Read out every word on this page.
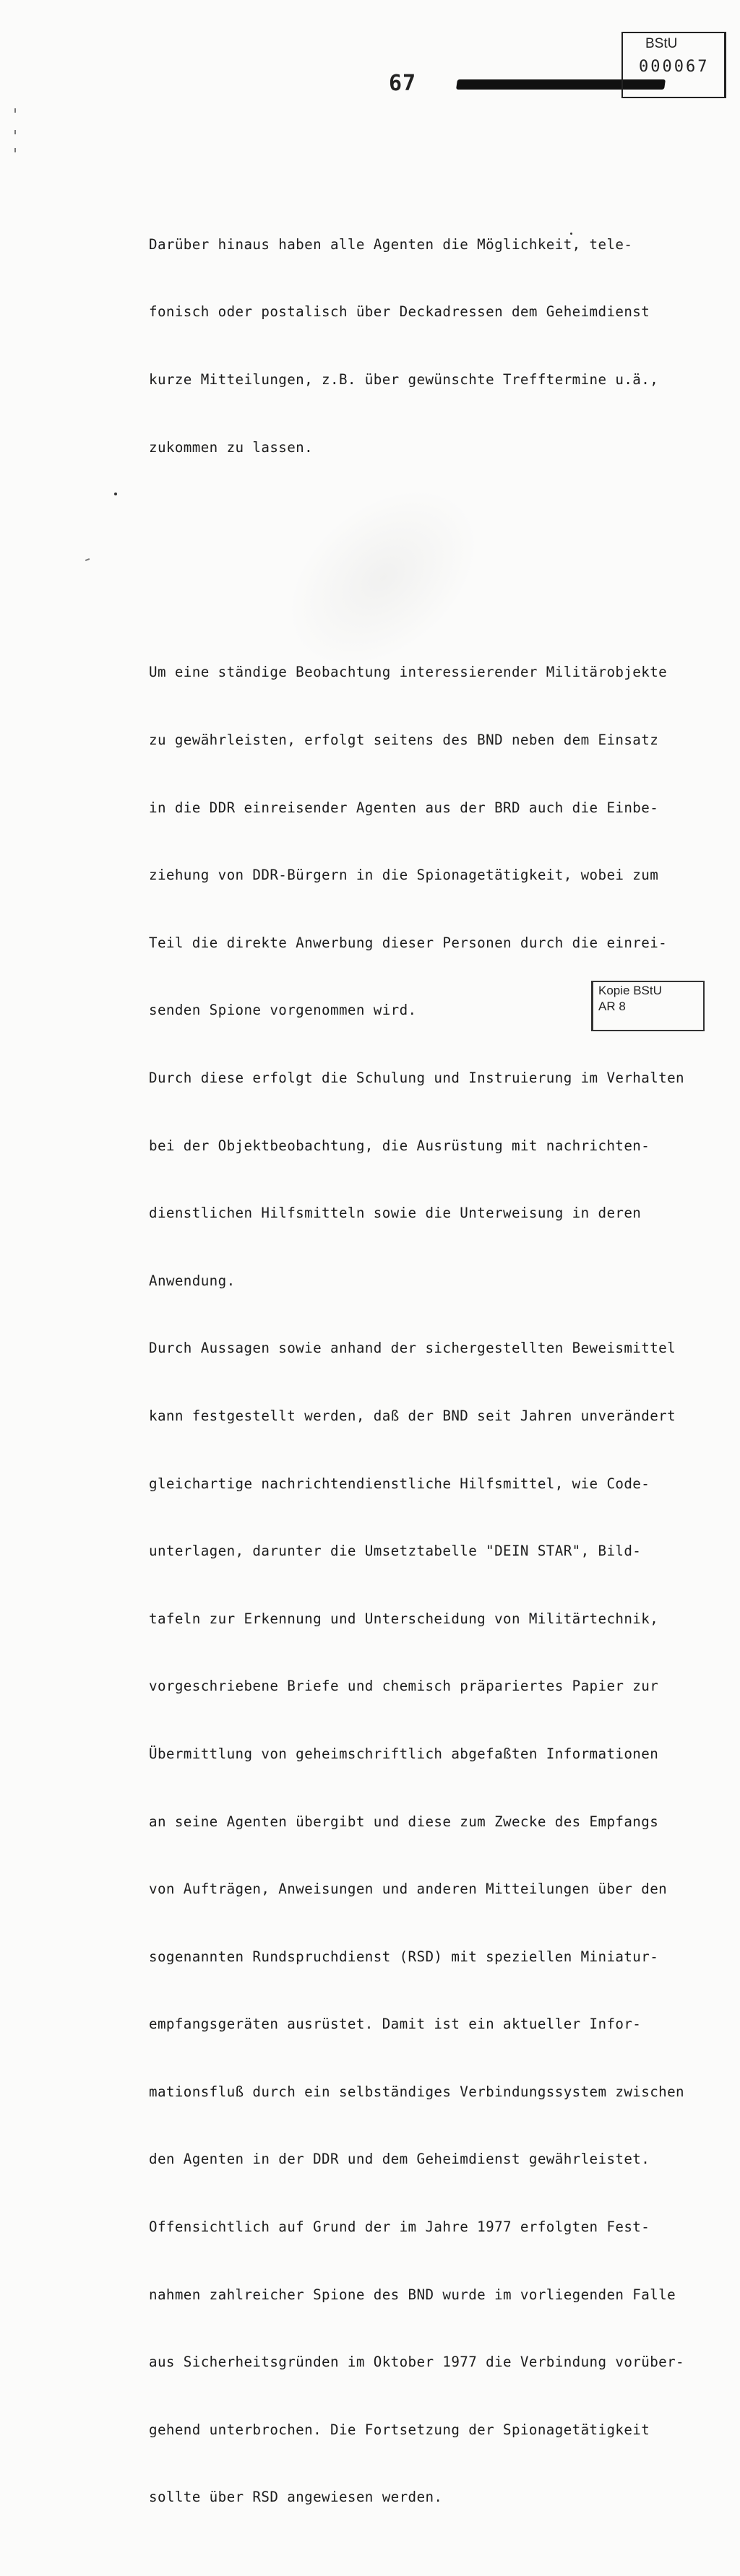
67
BStU
000067

Darüber hinaus haben alle Agenten die Möglichkeit, tele-

fonisch oder postalisch über Deckadressen dem Geheimdienst

kurze Mitteilungen, z.B. über gewünschte Trefftermine u.ä.,

zukommen zu lassen.

Um eine ständige Beobachtung interessierender Militärobjekte

zu gewährleisten, erfolgt seitens des BND neben dem Einsatz

in die DDR einreisender Agenten aus der BRD auch die Einbe-

ziehung von DDR-Bürgern in die Spionagetätigkeit, wobei zum

Teil die direkte Anwerbung dieser Personen durch die einrei-

senden Spione vorgenommen wird.

Durch diese erfolgt die Schulung und Instruierung im Verhalten

bei der Objektbeobachtung, die Ausrüstung mit nachrichten-

dienstlichen Hilfsmitteln sowie die Unterweisung in deren

Anwendung.

Durch Aussagen sowie anhand der sichergestellten Beweismittel

kann festgestellt werden, daß der BND seit Jahren unverändert

gleichartige nachrichtendienstliche Hilfsmittel, wie Code-

unterlagen, darunter die Umsetztabelle "DEIN STAR", Bild-

tafeln zur Erkennung und Unterscheidung von Militärtechnik,

vorgeschriebene Briefe und chemisch präpariertes Papier zur

Übermittlung von geheimschriftlich abgefaßten Informationen

an seine Agenten übergibt und diese zum Zwecke des Empfangs

von Aufträgen, Anweisungen und anderen Mitteilungen über den

sogenannten Rundspruchdienst (RSD) mit speziellen Miniatur-

empfangsgeräten ausrüstet. Damit ist ein aktueller Infor-

mationsfluß durch ein selbständiges Verbindungssystem zwischen

den Agenten in der DDR und dem Geheimdienst gewährleistet.

Offensichtlich auf Grund der im Jahre 1977 erfolgten Fest-

nahmen zahlreicher Spione des BND wurde im vorliegenden Falle

aus Sicherheitsgründen im Oktober 1977 die Verbindung vorüber-

gehend unterbrochen. Die Fortsetzung der Spionagetätigkeit

sollte über RSD angewiesen werden.

Kopie BStU
AR 8
